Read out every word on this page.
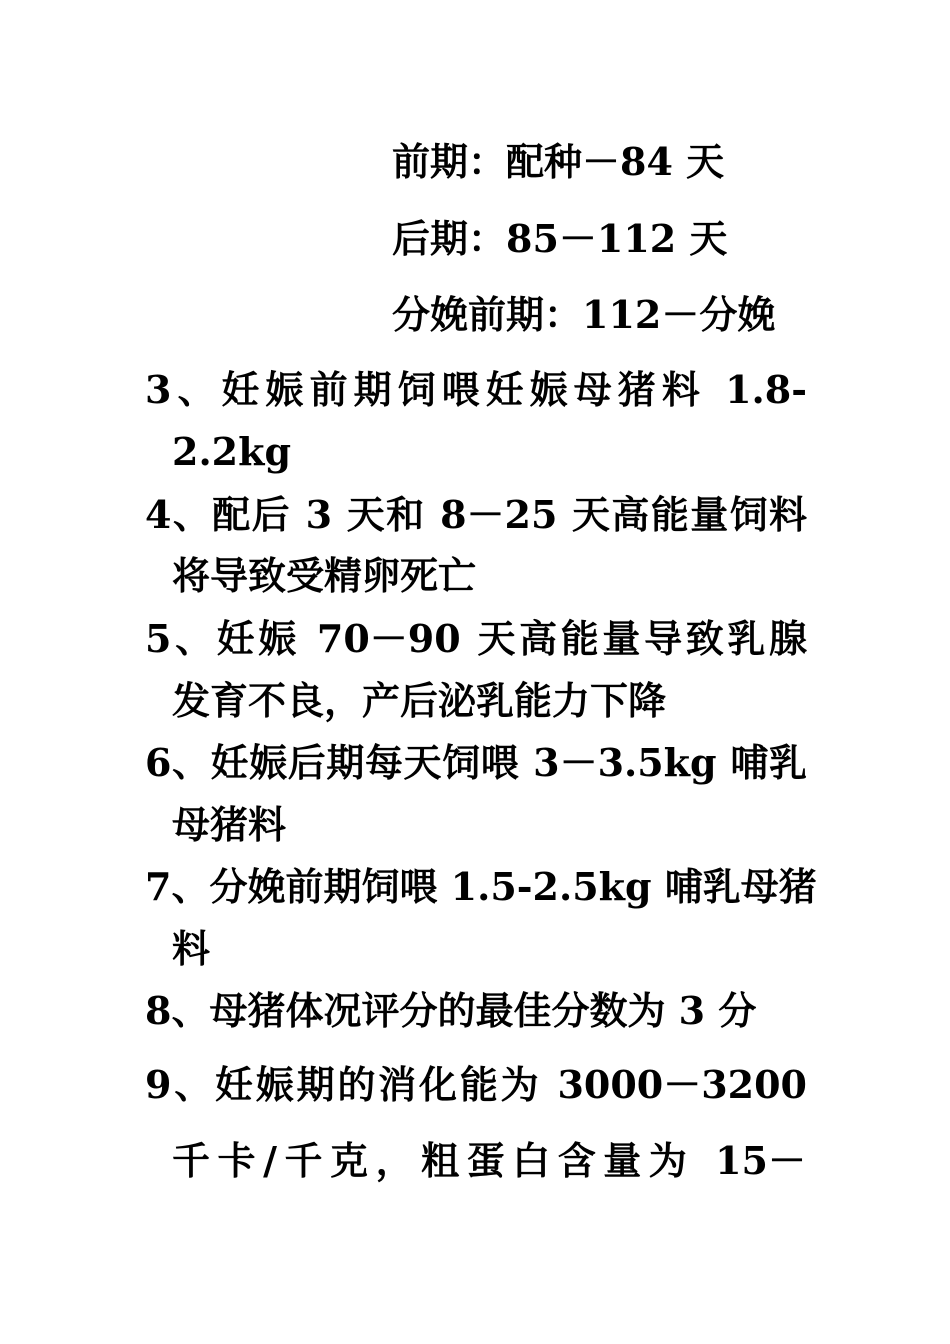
前期：配种－84 天
后期：85－112 天
分娩前期：112－分娩
3、妊娠前期饲喂妊娠母猪料 1.8-
2.2kg
4、配后 3 天和 8－25 天高能量饲料
将导致受精卵死亡
5、妊娠 70－90 天高能量导致乳腺
发育不良，产后泌乳能力下降
6、妊娠后期每天饲喂 3－3.5kg 哺乳
母猪料
7、分娩前期饲喂 1.5-2.5kg 哺乳母猪
料
8、母猪体况评分的最佳分数为 3 分
9、妊娠期的消化能为 3000－3200
千卡/千克，粗蛋白含量为 15－
